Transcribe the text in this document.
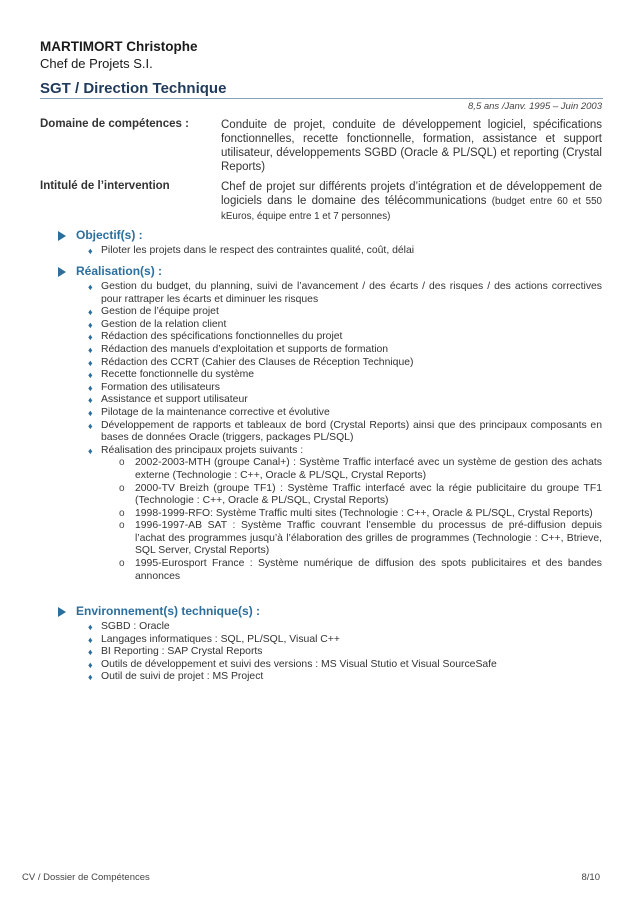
MARTIMORT Christophe
Chef de Projets S.I.
SGT / Direction Technique
8,5 ans /Janv. 1995 – Juin 2003
Domaine de compétences :	Conduite de projet, conduite de développement logiciel, spécifications fonctionnelles, recette fonctionnelle, formation, assistance et support utilisateur, développements SGBD (Oracle & PL/SQL) et reporting (Crystal Reports)
Intitulé de l’intervention	Chef de projet sur différents projets d’intégration et de développement de logiciels dans le domaine des télécommunications (budget entre 60 et 550 kEuros, équipe entre 1 et 7 personnes)
Objectif(s) :
♦ Piloter les projets dans le respect des contraintes qualité, coût, délai
Réalisation(s) :
♦ Gestion du budget, du planning, suivi de l’avancement / des écarts / des risques / des actions correctives pour rattraper les écarts et diminuer les risques
♦ Gestion de l’équipe projet
♦ Gestion de la relation client
♦ Rédaction des spécifications fonctionnelles du projet
♦ Rédaction des manuels d’exploitation et supports de formation
♦ Rédaction des CCRT (Cahier des Clauses de Réception Technique)
♦ Recette fonctionnelle du système
♦ Formation des utilisateurs
♦ Assistance et support utilisateur
♦ Pilotage de la maintenance corrective et évolutive
♦ Développement de rapports et tableaux de bord (Crystal Reports) ainsi que des principaux composants en bases de données Oracle (triggers, packages PL/SQL)
♦ Réalisation des principaux projets suivants :
o 2002-2003-MTH (groupe Canal+) : Système Traffic interfacé avec un système de gestion des achats externe (Technologie : C++, Oracle & PL/SQL, Crystal Reports)
o 2000-TV Breizh (groupe TF1) : Système Traffic interfacé avec la régie publicitaire du groupe TF1 (Technologie : C++, Oracle & PL/SQL, Crystal Reports)
o 1998-1999-RFO: Système Traffic multi sites (Technologie : C++, Oracle & PL/SQL, Crystal Reports)
o 1996-1997-AB SAT : Système Traffic couvrant l’ensemble du processus de pré-diffusion depuis l’achat des programmes jusqu’à l’élaboration des grilles de programmes (Technologie : C++, Btrieve, SQL Server, Crystal Reports)
o 1995-Eurosport France : Système numérique de diffusion des spots publicitaires et des bandes annonces
Environnement(s) technique(s) :
♦ SGBD : Oracle
♦ Langages informatiques : SQL, PL/SQL, Visual C++
♦ BI Reporting : SAP Crystal Reports
♦ Outils de développement et suivi des versions : MS Visual Stutio et Visual SourceSafe
♦ Outil de suivi de projet : MS Project
CV / Dossier de Compétences	8/10
